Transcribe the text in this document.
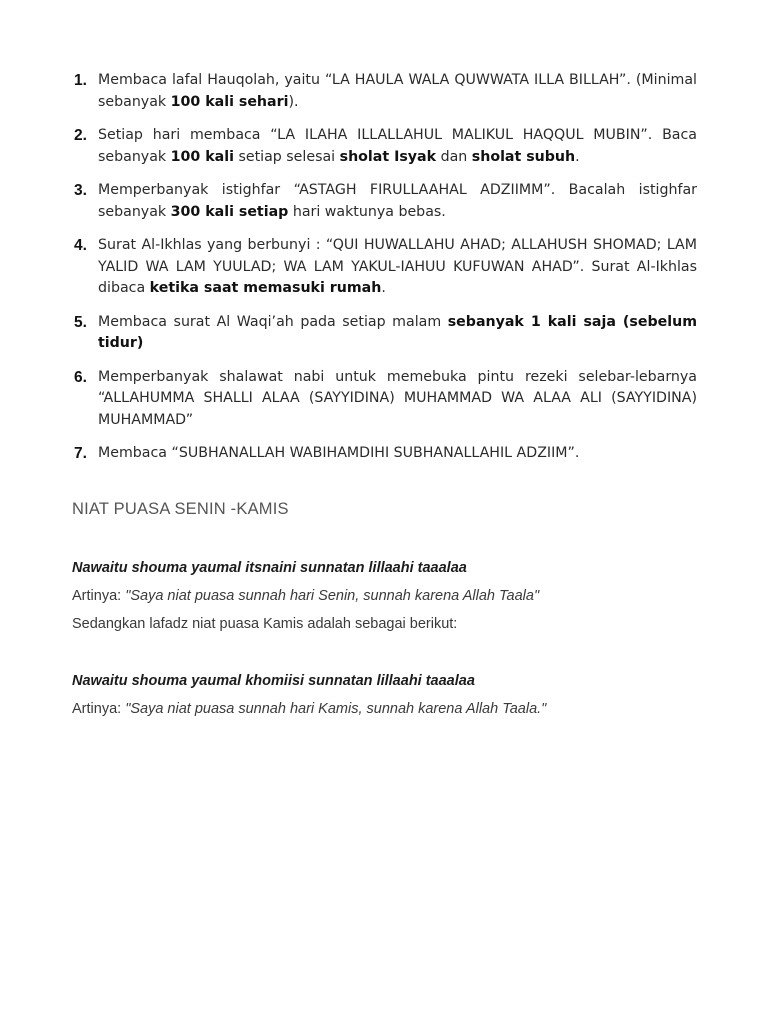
1. Membaca lafal Hauqolah, yaitu “LA HAULA WALA QUWWATA ILLA BILLAH”. (Minimal sebanyak 100 kali sehari).
2. Setiap hari membaca “LA ILAHA ILLALLAHUL MALIKUL HAQQUL MUBIN”. Baca sebanyak 100 kali setiap selesai sholat Isyak dan sholat subuh.
3. Memperbanyak istighfar “ASTAGH FIRULLAAHAL ADZIIMM”. Bacalah istighfar sebanyak 300 kali setiap hari waktunya bebas.
4. Surat Al-Ikhlas yang berbunyi : “QUI HUWALLAHU AHAD; ALLAHUSH SHOMAD; LAM YALID WA LAM YUULAD; WA LAM YAKUL-IAHUU KUFUWAN AHAD”. Surat Al-Ikhlas dibaca ketika saat memasuki rumah.
5. Membaca surat Al Waqi’ah pada setiap malam sebanyak 1 kali saja (sebelum tidur)
6. Memperbanyak shalawat nabi untuk memebuka pintu rezeki selebar-lebarnya “ALLAHUMMA SHALLI ALAA (SAYYIDINA) MUHAMMAD WA ALAA ALI (SAYYIDINA) MUHAMMAD”
7. Membaca “SUBHANALLAH WABIHAMDIHI SUBHANALLAHIL ADZIIM”.
NIAT PUASA SENIN -KAMIS
Nawaitu shouma yaumal itsnaini sunnatan lillaahi taaalaa
Artinya: "Saya niat puasa sunnah hari Senin, sunnah karena Allah Taala"
Sedangkan lafadz niat puasa Kamis adalah sebagai berikut:
Nawaitu shouma yaumal khomiisi sunnatan lillaahi taaalaa
Artinya: "Saya niat puasa sunnah hari Kamis, sunnah karena Allah Taala."
